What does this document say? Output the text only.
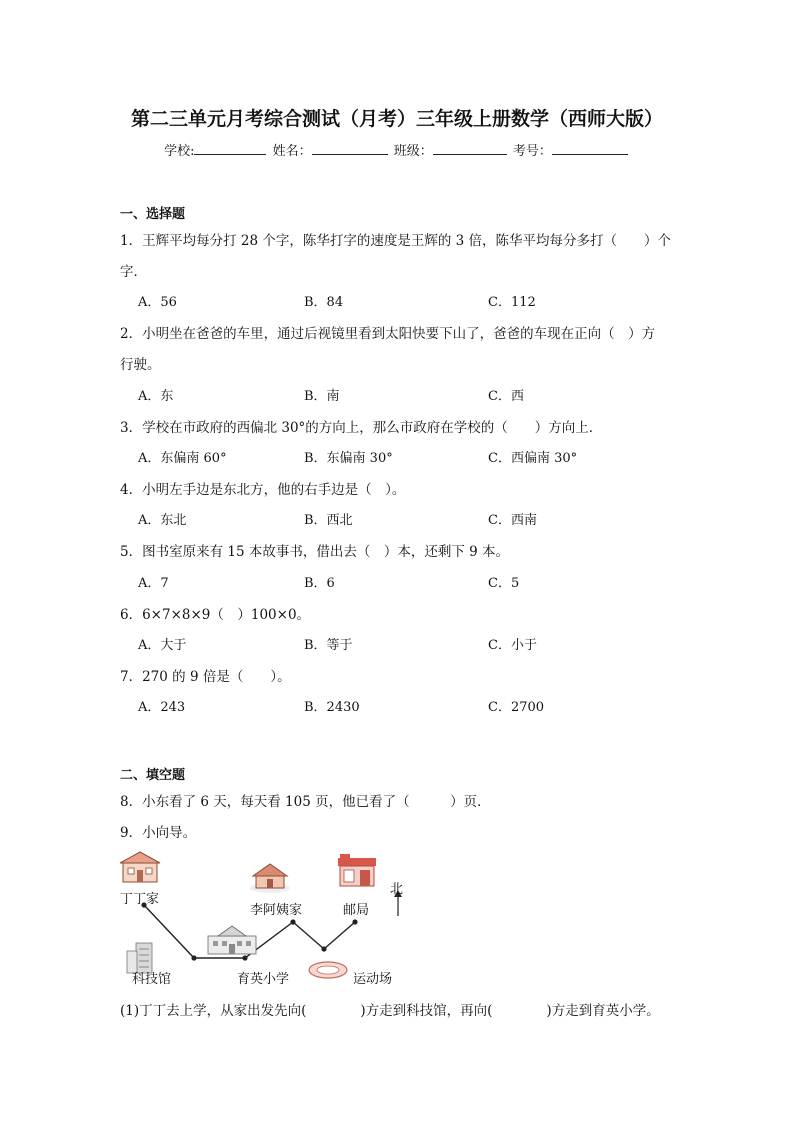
第二三单元月考综合测试（月考）三年级上册数学（西师大版）
学校:	姓名：	班级：	考号：
一、选择题
1．王辉平均每分打 28 个字，陈华打字的速度是王辉的 3 倍，陈华平均每分多打（　　）个
字．
A．56	B．84	C．112
2．小明坐在爸爸的车里，通过后视镜里看到太阳快要下山了，爸爸的车现在正向（　）方
行驶。
A．东	B．南	C．西
3．学校在市政府的西偏北 30°的方向上，那么市政府在学校的（　　）方向上．
A．东偏南 60°	B．东偏南 30°	C．西偏南 30°
4．小明左手边是东北方，他的右手边是（　）。
A．东北	B．西北	C．西南
5．图书室原来有 15 本故事书，借出去（　）本，还剩下 9 本。
A．7	B．6	C．5
6．6×7×8×9（　）100×0。
A．大于	B．等于	C．小于
7．270 的 9 倍是（　　）。
A．243	B．2430	C．2700
二、填空题
8．小东看了 6 天，每天看 105 页，他已看了（　　　）页．
9．小向导。
丁丁家
科技馆	育英小学
李阿姨家	邮局
运动场
北
(1)丁丁去上学，从家出发先向(　　　　)方走到科技馆，再向(　　　　)方走到育英小学。
